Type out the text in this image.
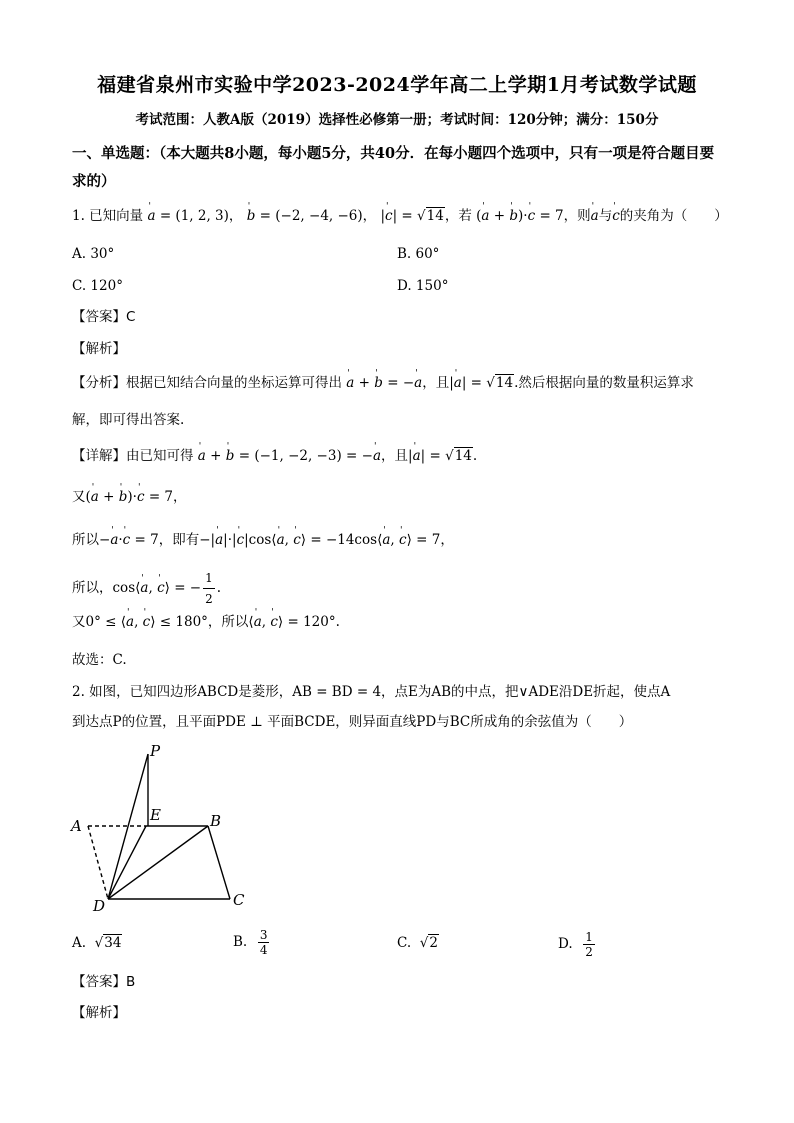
福建省泉州市实验中学2023-2024学年高二上学期1月考试数学试题
考试范围：人教A版（2019）选择性必修第一册；考试时间：120分钟；满分：150分
一、单选题：（本大题共8小题，每小题5分，共40分．在每小题四个选项中，只有一项是符合题目要求的）
1. 已知向量 ' a = (1, 2, 3)， ' b = (−2, −4, −6)， |' c| = √14，若 (' a + ' b)·' c = 7，则' a与' c的夹角为（　　）
A. 30°	B. 60°
C. 120°	D. 150°
【答案】C
【解析】
【分析】根据已知结合向量的坐标运算可得出 ' a + ' b = −' a，且|' a| = √14.然后根据向量的数量积运算求
解，即可得出答案.
【详解】由已知可得 ' a + ' b = (−1, −2, −3) = −' a，且|' a| = √14.
又(' a + ' b)·' c = 7，
所以−' a·' c = 7，即有−|' a|·|' c|cos⟨' a, ' c⟩ = −14cos⟨' a, ' c⟩ = 7，
所以，cos⟨' a, ' c⟩ = − $\frac{1}{2}$ .
又0° ≤ ⟨' a, ' c⟩ ≤ 180°，所以⟨' a, ' c⟩ = 120°.
故选：C.
2. 如图，已知四边形ABCD是菱形，AB = BD = 4，点E为AB的中点，把∨ADE沿DE折起，使点A
到达点P的位置，且平面PDE ⊥ 平面BCDE，则异面直线PD与BC所成角的余弦值为（　　）
P
E
A	B
D	C
A. √34	B. $\frac{3}{4}$	C. √2	D. $\frac{1}{2}$
【答案】B
【解析】
